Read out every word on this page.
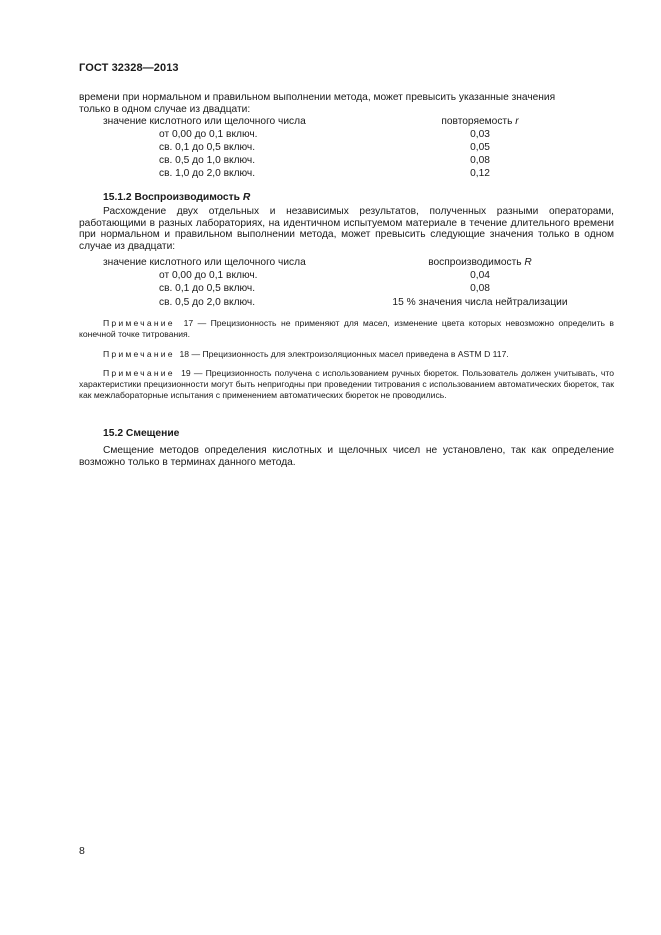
ГОСТ 32328—2013
времени при нормальном и правильном выполнении метода, может превысить указанные значения
только в одном случае из двадцати:
значение кислотного или щелочного числа	повторяемость r
от 0,00 до 0,1 включ.	0,03
св. 0,1 до 0,5 включ.	0,05
св. 0,5 до 1,0 включ.	0,08
св. 1,0 до 2,0 включ.	0,12
15.1.2 Воспроизводимость R
Расхождение двух отдельных и независимых результатов, полученных разными операторами, работающими в разных лабораториях, на идентичном испытуемом материале в течение длительного времени при нормальном и правильном выполнении метода, может превысить следующие значения только в одном случае из двадцати:
значение кислотного или щелочного числа	воспроизводимость R
от 0,00 до 0,1 включ.	0,04
св. 0,1 до 0,5 включ.	0,08
св. 0,5 до 2,0 включ.	15 % значения числа нейтрализации
Примечание 17 — Прецизионность не применяют для масел, изменение цвета которых невозможно определить в конечной точке титрования.
Примечание 18 — Прецизионность для электроизоляционных масел приведена в ASTM D 117.
Примечание 19 — Прецизионность получена с использованием ручных бюреток. Пользователь должен учитывать, что характеристики прецизионности могут быть непригодны при проведении титрования с использованием автоматических бюреток, так как межлабораторные испытания с применением автоматических бюреток не проводились.
15.2 Смещение
Смещение методов определения кислотных и щелочных чисел не установлено, так как определение возможно только в терминах данного метода.
8
